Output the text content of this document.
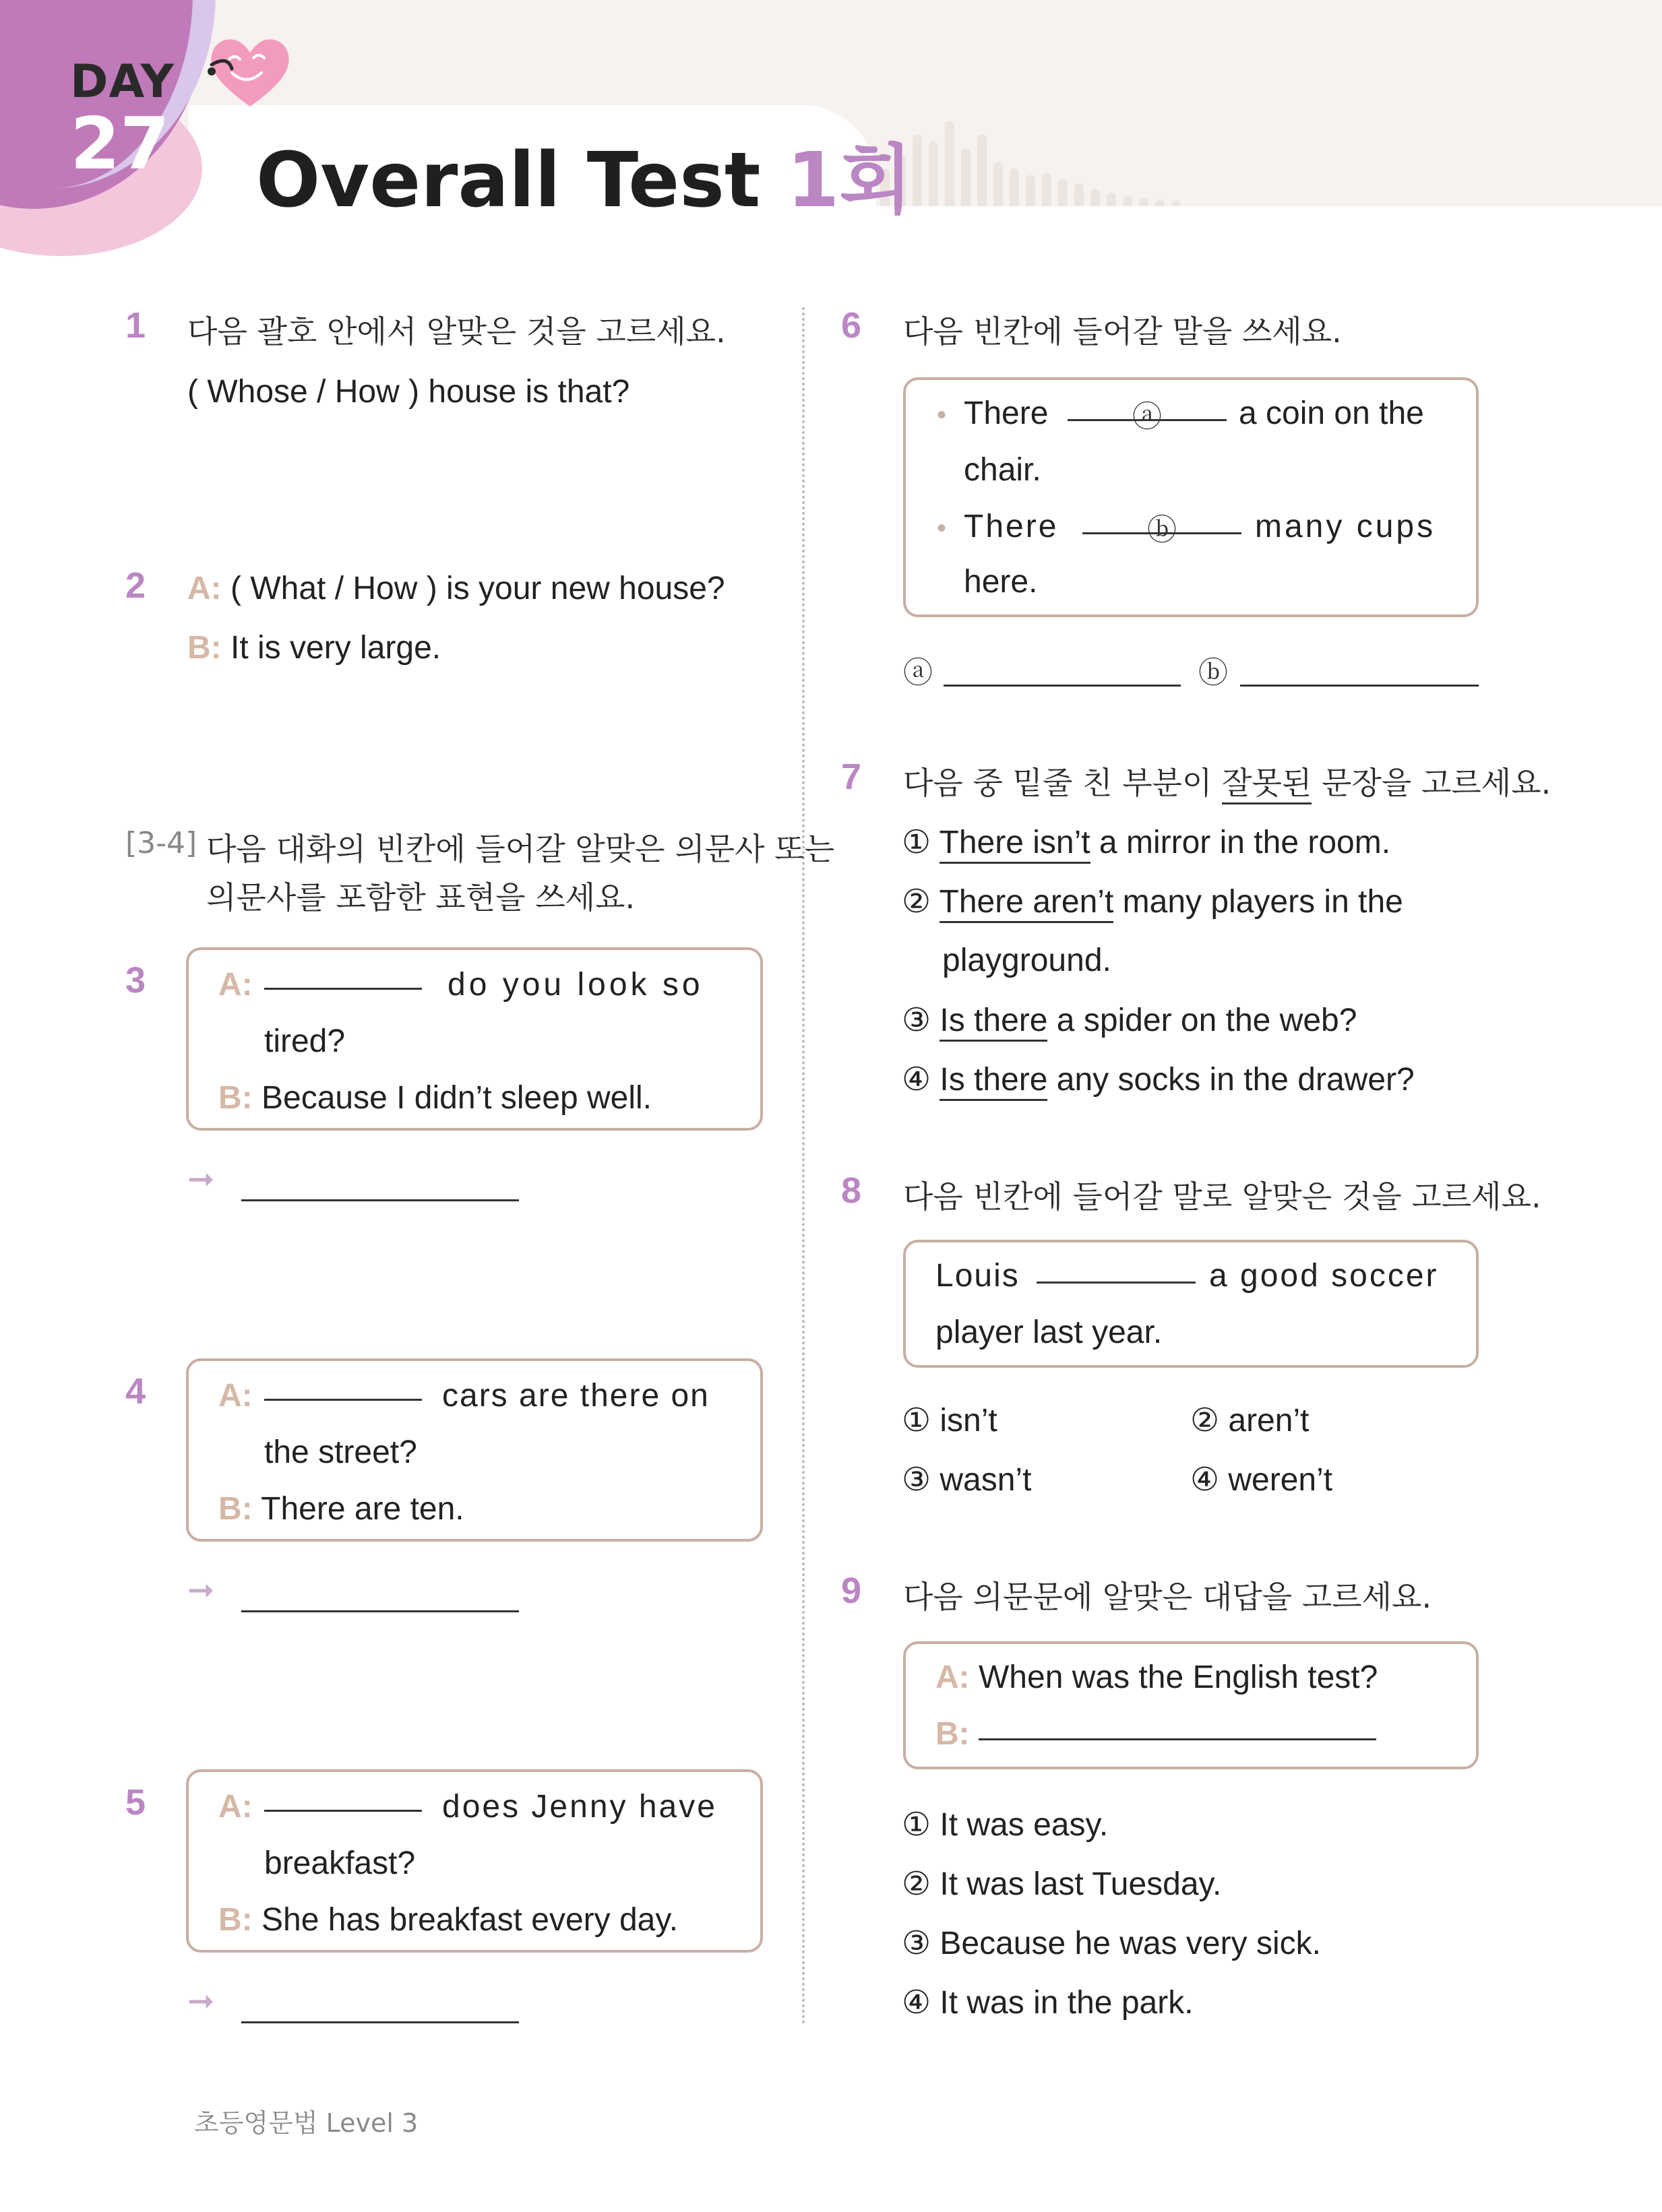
DAY
27 Overall Test 1회
1 다음 괄호 안에서 알맞은 것을 고르세요.
( Whose / How ) house is that?
2 A: ( What / How ) is your new house?
B: It is very large.
[3-4] 다음 대화의 빈칸에 들어갈 알맞은 의문사 또는
의문사를 포함한 표현을 쓰세요.
3 A:	do you look so
tired?
B: Because I didn’t sleep well.
➞
4 A:	cars are there on
the street?
B: There are ten.
➞
5 A:	does Jenny have
breakfast?
B: She has breakfast every day.
➞
6 다음 빈칸에 들어갈 말을 쓰세요.
• There	ⓐ	a coin on the
chair.
• There	ⓑ	many cups
here.
ⓐ	ⓑ
7 다음 중 밑줄 친 부분이 잘못된 문장을 고르세요.
① There isn’t a mirror in the room.
② There aren’t many players in the
playground.
③ Is there a spider on the web?
④ Is there any socks in the drawer?
8 다음 빈칸에 들어갈 말로 알맞은 것을 고르세요.
Louis	a good soccer
player last year.
① isn’t	② aren’t
③ wasn’t	④ weren’t
9 다음 의문문에 알맞은 대답을 고르세요.
A: When was the English test?
B:
① It was easy.
② It was last Tuesday.
③ Because he was very sick.
④ It was in the park.
초등영문법 Level 3
